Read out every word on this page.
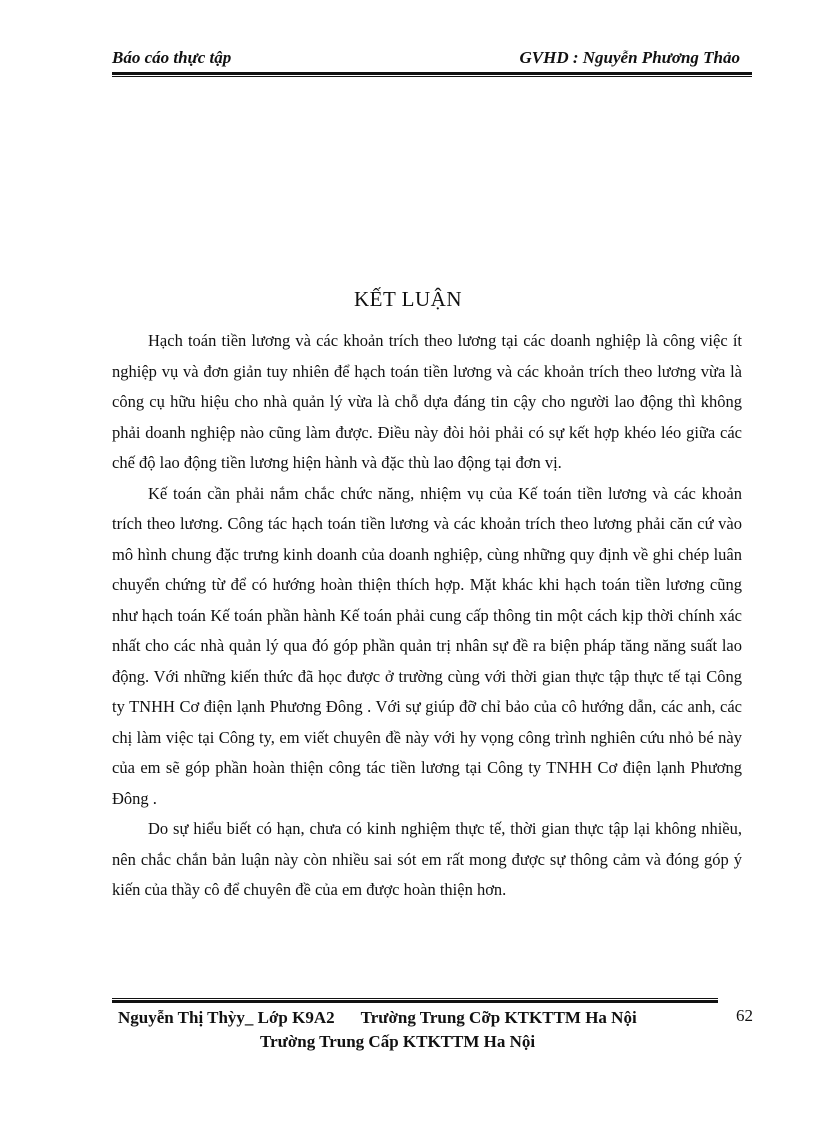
Báo cáo thực tập	GVHD : Nguyễn Phương Thảo
KẾT LUẬN

Hạch toán tiền lương và các khoản trích theo lương tại các doanh nghiệp là công việc ít nghiệp vụ và đơn giản tuy nhiên để hạch toán tiền lương và các khoản trích theo lương vừa là công cụ hữu hiệu cho nhà quản lý vừa là chỗ dựa đáng tin cậy cho người lao động thì không phải doanh nghiệp nào cũng làm được. Điều này đòi hỏi phải có sự kết hợp khéo léo giữa các chế độ lao động tiền lương hiện hành và đặc thù lao động tại đơn vị.

Kế toán cần phải nắm chắc chức năng, nhiệm vụ của Kế toán tiền lương và các khoản trích theo lương. Công tác hạch toán tiền lương và các khoản trích theo lương phải căn cứ vào mô hình chung đặc trưng kinh doanh của doanh nghiệp, cùng những quy định về ghi chép luân chuyển chứng từ để có hướng hoàn thiện thích hợp. Mặt khác khi hạch toán tiền lương cũng như hạch toán Kế toán phần hành Kế toán phải cung cấp thông tin một cách kịp thời chính xác nhất cho các nhà quản lý qua đó góp phần quản trị nhân sự đề ra biện pháp tăng năng suất lao động. Với những kiến thức đã học được ở trường cùng với thời gian thực tập thực tế tại Công ty TNHH Cơ điện lạnh Phương Đông . Với sự giúp đỡ chỉ bảo của cô hướng dẫn, các anh, các chị làm việc tại Công ty, em viết chuyên đề này với hy vọng công trình nghiên cứu nhỏ bé này của em sẽ góp phần hoàn thiện công tác tiền lương tại Công ty TNHH Cơ điện lạnh Phương Đông .

Do sự hiểu biết có hạn, chưa có kinh nghiệm thực tế, thời gian thực tập lại không nhiều, nên chắc chắn bản luận này còn nhiều sai sót em rất mong được sự thông cảm và đóng góp ý kiến của thầy cô để chuyên đề của em được hoàn thiện hơn.

Nguyễn Thị Thỳy_ Lớp K9A2 Trường Trung Cỡp KTKTTM Ha Nội
Trường Trung Cấp KTKTTM Ha Nội
62
